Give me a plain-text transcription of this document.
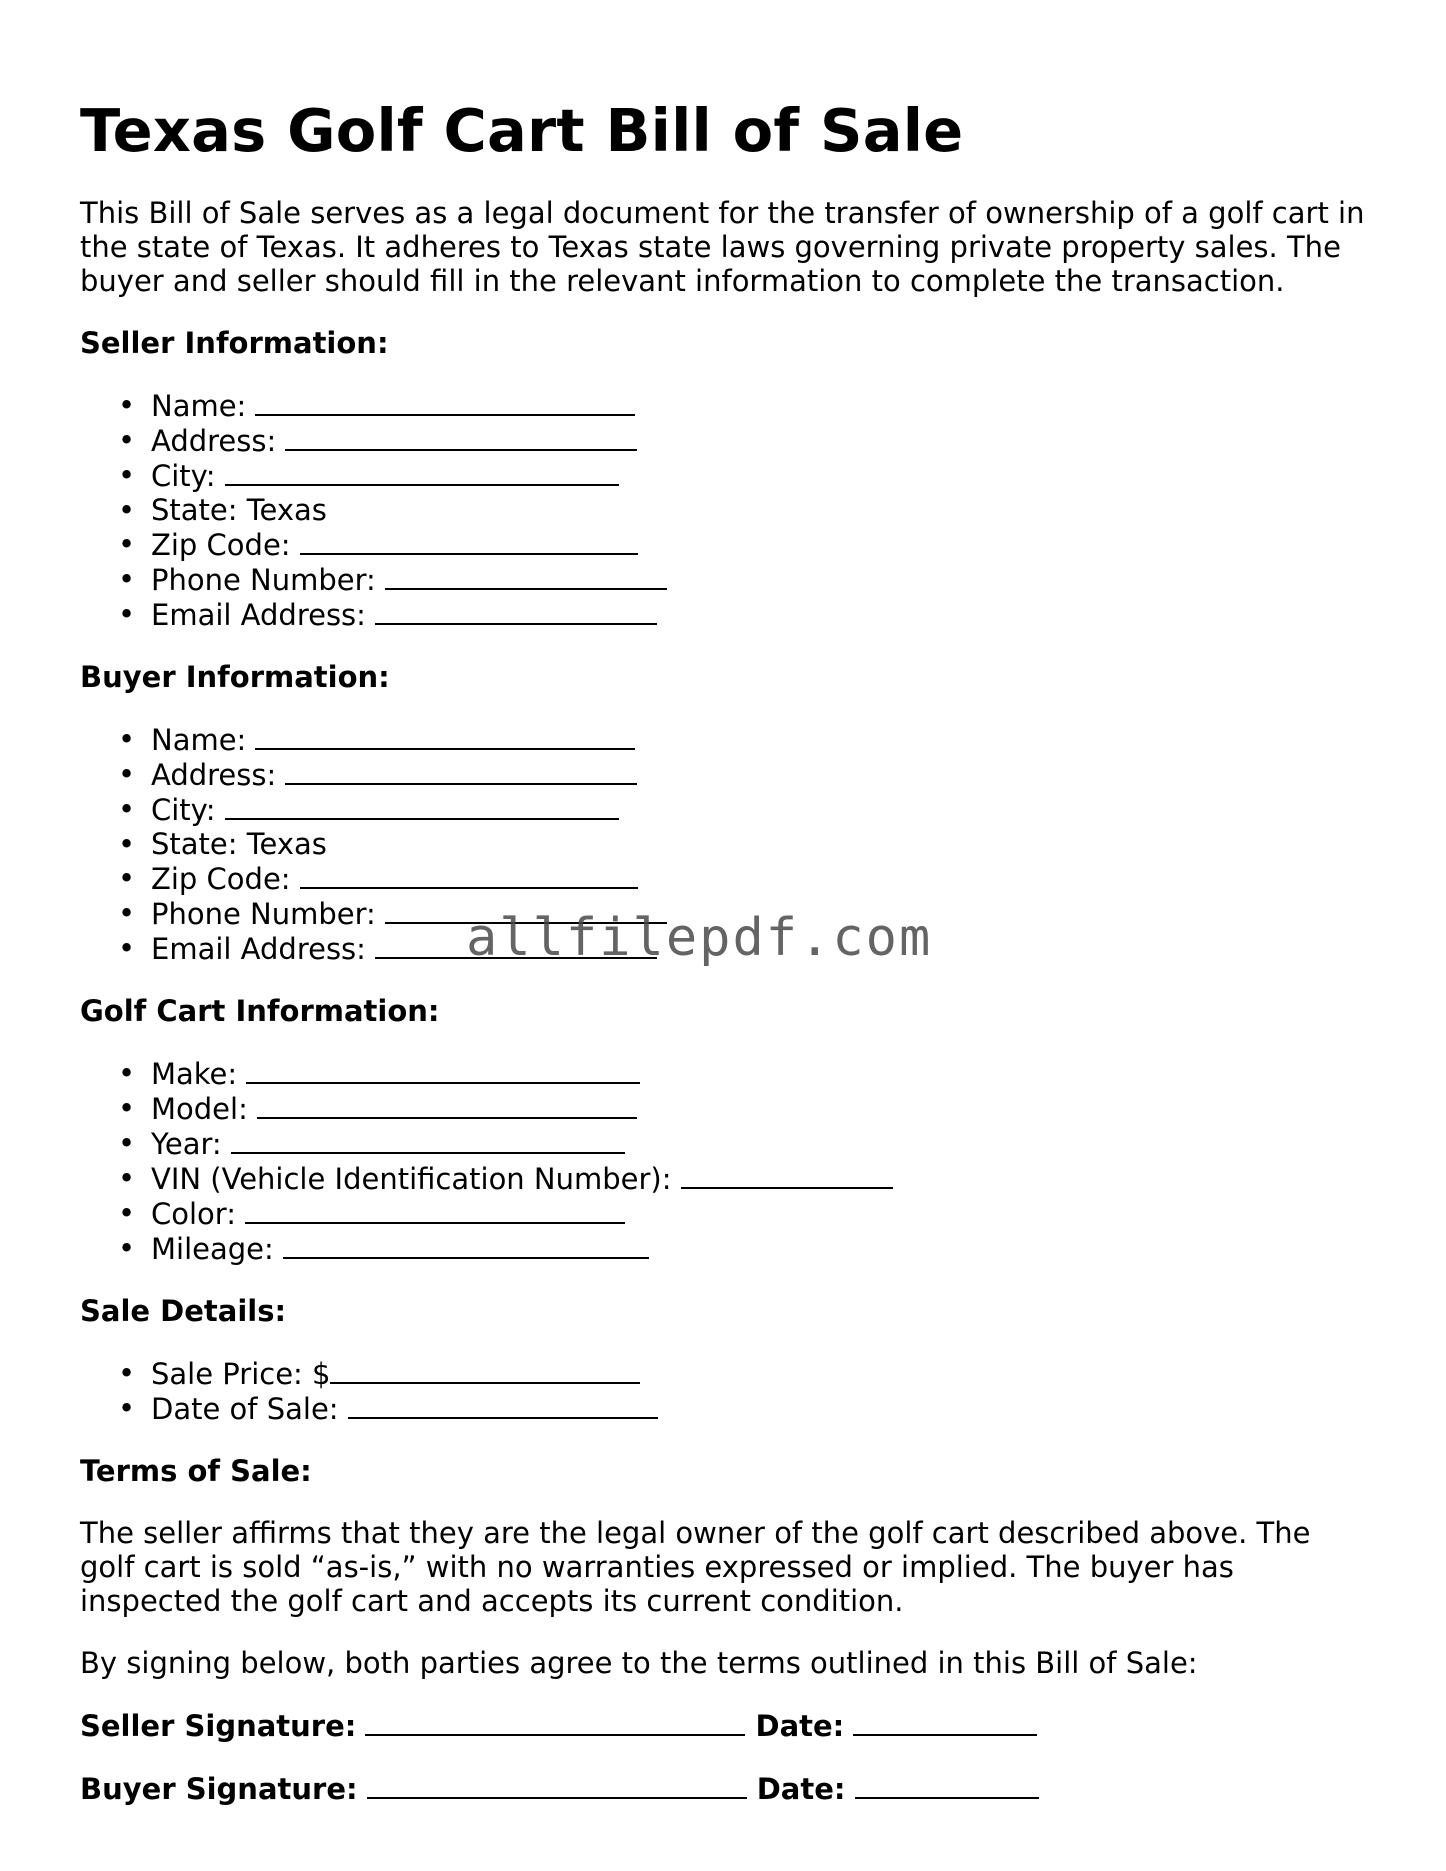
Texas Golf Cart Bill of Sale

This Bill of Sale serves as a legal document for the transfer of ownership of a golf cart in the state of Texas. It adheres to Texas state laws governing private property sales. The buyer and seller should fill in the relevant information to complete the transaction.

Seller Information:
• Name:
• Address:
• City:
• State: Texas
• Zip Code:
• Phone Number:
• Email Address:
Buyer Information:
• Name:
• Address:
• City:
• State: Texas
• Zip Code:
• Phone Number:
• Email Address:
Golf Cart Information:
• Make:
• Model:
• Year:
• VIN (Vehicle Identification Number):
• Color:
• Mileage:
Sale Details:
• Sale Price: $
• Date of Sale:
Terms of Sale:

The seller affirms that they are the legal owner of the golf cart described above. The golf cart is sold “as-is,” with no warranties expressed or implied. The buyer has inspected the golf cart and accepts its current condition.

By signing below, both parties agree to the terms outlined in this Bill of Sale:

Seller Signature:	Date:
Buyer Signature:	Date:
allfilepdf.com
